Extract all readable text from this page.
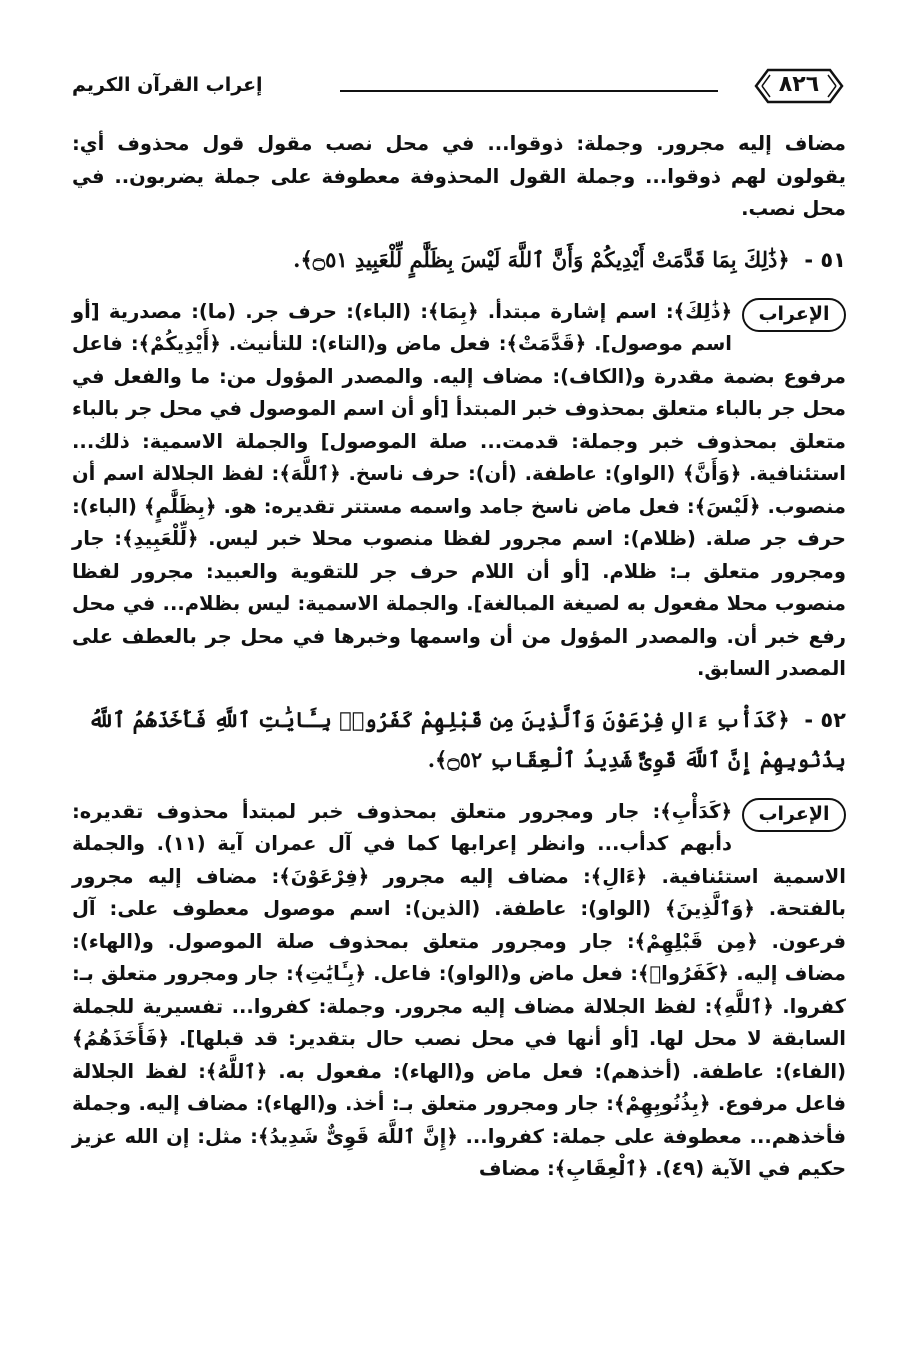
٨٢٦
إعراب القرآن الكريم

مضاف إليه مجرور. وجملة: ذوقوا... في محل نصب مقول قول محذوف أي: يقولون لهم ذوقوا... وجملة القول المحذوفة معطوفة على جملة يضربون.. في محل نصب.

٥١ - ﴿ذَٰلِكَ بِمَا قَدَّمَتْ أَيْدِيكُمْ وَأَنَّ ٱللَّهَ لَيْسَ بِظَلَّٰمٍ لِّلْعَبِيدِ ۝٥١﴾.
الإعراب

﴿ذَٰلِكَ﴾: اسم إشارة مبتدأ. ﴿بِمَا﴾: (الباء): حرف جر. (ما): مصدرية [أو اسم موصول]. ﴿قَدَّمَتْ﴾: فعل ماض و(التاء): للتأنيث. ﴿أَيْدِيكُمْ﴾: فاعل مرفوع بضمة مقدرة و(الكاف): مضاف إليه. والمصدر المؤول من: ما والفعل في محل جر بالباء متعلق بمحذوف خبر المبتدأ [أو أن اسم الموصول في محل جر بالباء متعلق بمحذوف خبر وجملة: قدمت... صلة الموصول] والجملة الاسمية: ذلك... استئنافية. ﴿وَأَنَّ﴾ (الواو): عاطفة. (أن): حرف ناسخ. ﴿ٱللَّهَ﴾: لفظ الجلالة اسم أن منصوب. ﴿لَيْسَ﴾: فعل ماض ناسخ جامد واسمه مستتر تقديره: هو. ﴿بِظَلَّٰمٍ﴾ (الباء): حرف جر صلة. (ظلام): اسم مجرور لفظا منصوب محلا خبر ليس. ﴿لِّلْعَبِيدِ﴾: جار ومجرور متعلق بـ: ظلام. [أو أن اللام حرف جر للتقوية والعبيد: مجرور لفظا منصوب محلا مفعول به لصيغة المبالغة]. والجملة الاسمية: ليس بظلام... في محل رفع خبر أن. والمصدر المؤول من أن واسمها وخبرها في محل جر بالعطف على المصدر السابق.

٥٢ - ﴿كَدَأْبِ ءَالِ فِرْعَوْنَ وَٱلَّذِينَ مِن قَبْلِهِمْ كَفَرُوا۟ بِـَٔايَٰتِ ٱللَّهِ فَأَخَذَهُمُ ٱللَّهُ بِذُنُوبِهِمْ إِنَّ ٱللَّهَ قَوِىٌّ شَدِيدُ ٱلْعِقَابِ ۝٥٢﴾.
الإعراب

﴿كَدَأْبِ﴾: جار ومجرور متعلق بمحذوف خبر لمبتدأ محذوف تقديره: دأبهم كدأب... وانظر إعرابها كما في آل عمران آية (١١). والجملة الاسمية استئنافية. ﴿ءَالِ﴾: مضاف إليه مجرور ﴿فِرْعَوْنَ﴾: مضاف إليه مجرور بالفتحة. ﴿وَٱلَّذِينَ﴾ (الواو): عاطفة. (الذين): اسم موصول معطوف على: آل فرعون. ﴿مِن قَبْلِهِمْ﴾: جار ومجرور متعلق بمحذوف صلة الموصول. و(الهاء): مضاف إليه. ﴿كَفَرُوا۟﴾: فعل ماض و(الواو): فاعل. ﴿بِـَٔايَٰتِ﴾: جار ومجرور متعلق بـ: كفروا. ﴿ٱللَّهِ﴾: لفظ الجلالة مضاف إليه مجرور. وجملة: كفروا... تفسيرية للجملة السابقة لا محل لها. [أو أنها في محل نصب حال بتقدير: قد قبلها]. ﴿فَأَخَذَهُمُ﴾ (الفاء): عاطفة. (أخذهم): فعل ماض و(الهاء): مفعول به. ﴿ٱللَّهُ﴾: لفظ الجلالة فاعل مرفوع. ﴿بِذُنُوبِهِمْ﴾: جار ومجرور متعلق بـ: أخذ. و(الهاء): مضاف إليه. وجملة فأخذهم... معطوفة على جملة: كفروا... ﴿إِنَّ ٱللَّهَ قَوِىٌّ شَدِيدُ﴾: مثل: إن الله عزيز حكيم في الآية (٤٩). ﴿ٱلْعِقَابِ﴾: مضاف
